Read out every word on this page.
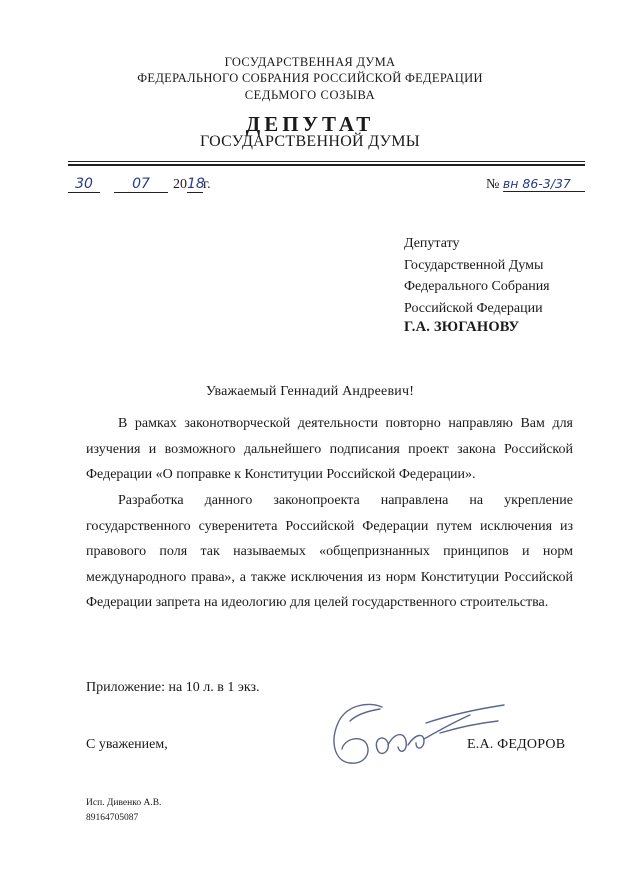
ГОСУДАРСТВЕННАЯ ДУМА
ФЕДЕРАЛЬНОГО СОБРАНИЯ РОССИЙСКОЙ ФЕДЕРАЦИИ
СЕДЬМОГО СОЗЫВА
ДЕПУТАТ
ГОСУДАРСТВЕННОЙ ДУМЫ
30	07	2018г.	№ вн 86-3/37
Депутату
Государственной Думы
Федерального Собрания
Российской Федерации
Г.А. ЗЮГАНОВУ
Уважаемый Геннадий Андреевич!
В рамках законотворческой деятельности повторно направляю Вам для изучения и возможного дальнейшего подписания проект закона Российской Федерации «О поправке к Конституции Российской Федерации».
Разработка данного законопроекта направлена на укрепление государственного суверенитета Российской Федерации путем исключения из правового поля так называемых «общепризнанных принципов и норм международного права», а также исключения из норм Конституции Российской Федерации запрета на идеологию для целей государственного строительства.
Приложение: на 10 л. в 1 экз.
С уважением,	Е.А. ФЕДОРОВ
Исп. Дивенко А.В.
89164705087
